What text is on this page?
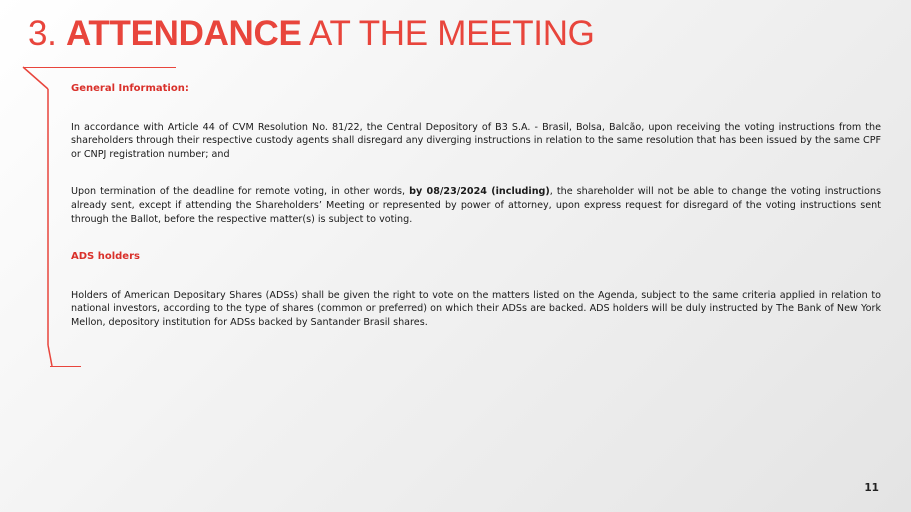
3. ATTENDANCE AT THE MEETING

General Information:

In accordance with Article 44 of CVM Resolution No. 81/22, the Central Depository of B3 S.A. - Brasil, Bolsa, Balcão, upon receiving the voting instructions from the shareholders through their respective custody agents shall disregard any diverging instructions in relation to the same resolution that has been issued by the same CPF or CNPJ registration number; and

Upon termination of the deadline for remote voting, in other words, by 08/23/2024 (including), the shareholder will not be able to change the voting instructions already sent, except if attending the Shareholders’ Meeting or represented by power of attorney, upon express request for disregard of the voting instructions sent through the Ballot, before the respective matter(s) is subject to voting.

ADS holders

Holders of American Depositary Shares (ADSs) shall be given the right to vote on the matters listed on the Agenda, subject to the same criteria applied in relation to national investors, according to the type of shares (common or preferred) on which their ADSs are backed. ADS holders will be duly instructed by The Bank of New York Mellon, depository institution for ADSs backed by Santander Brasil shares.

11
